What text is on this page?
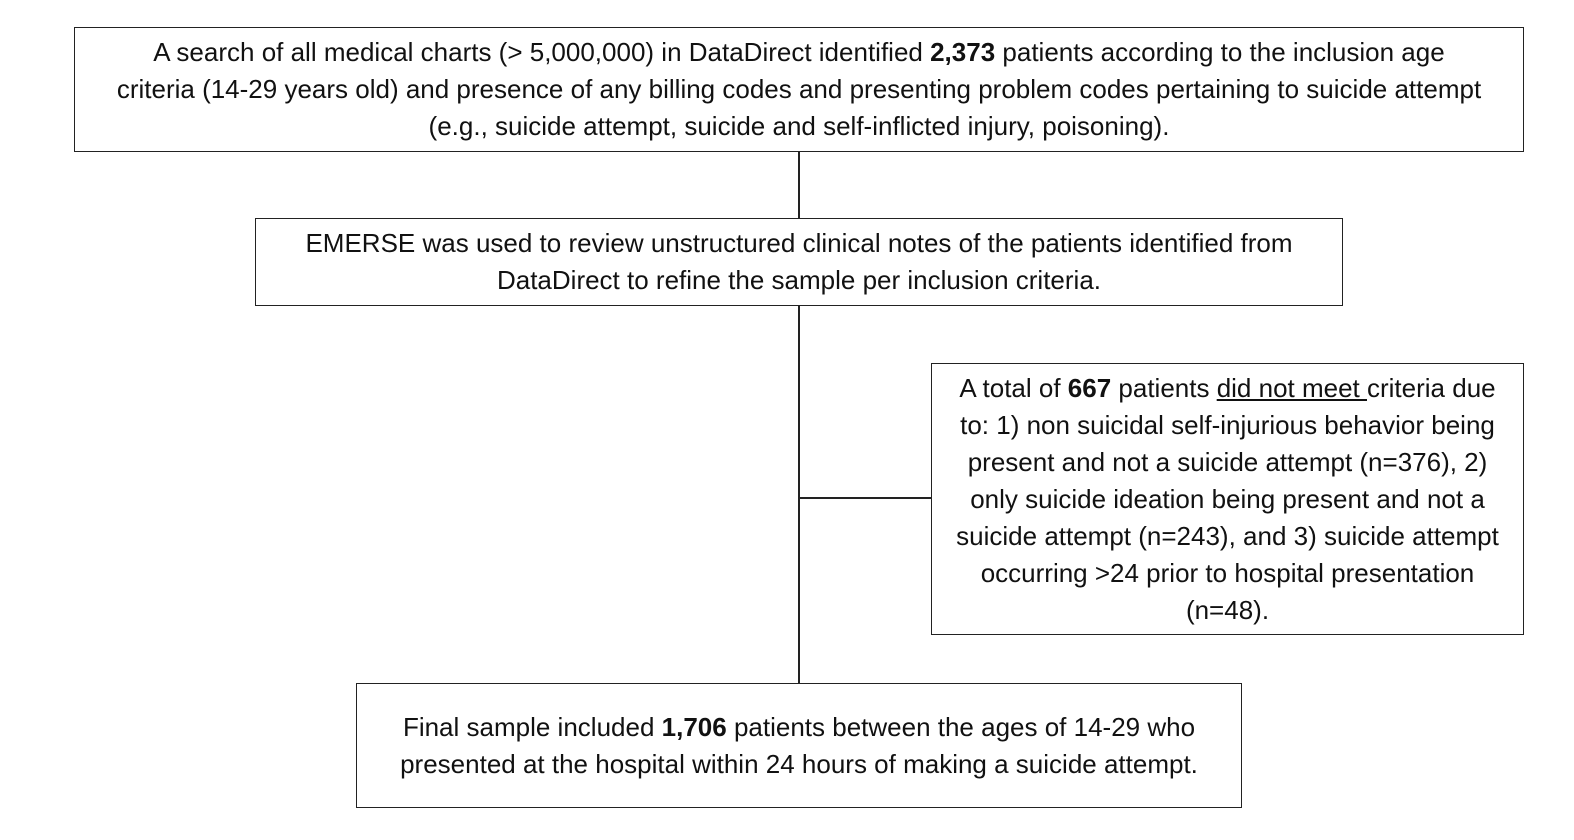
A search of all medical charts (> 5,000,000) in DataDirect identified 2,373 patients according to the inclusion age criteria (14-29 years old) and presence of any billing codes and presenting problem codes pertaining to suicide attempt (e.g., suicide attempt, suicide and self-inflicted injury, poisoning).

EMERSE was used to review unstructured clinical notes of the patients identified from DataDirect to refine the sample per inclusion criteria.

A total of 667 patients did not meet criteria due to: 1) non suicidal self-injurious behavior being present and not a suicide attempt (n=376), 2) only suicide ideation being present and not a suicide attempt (n=243), and 3) suicide attempt occurring >24 prior to hospital presentation (n=48).

Final sample included 1,706 patients between the ages of 14-29 who presented at the hospital within 24 hours of making a suicide attempt.
